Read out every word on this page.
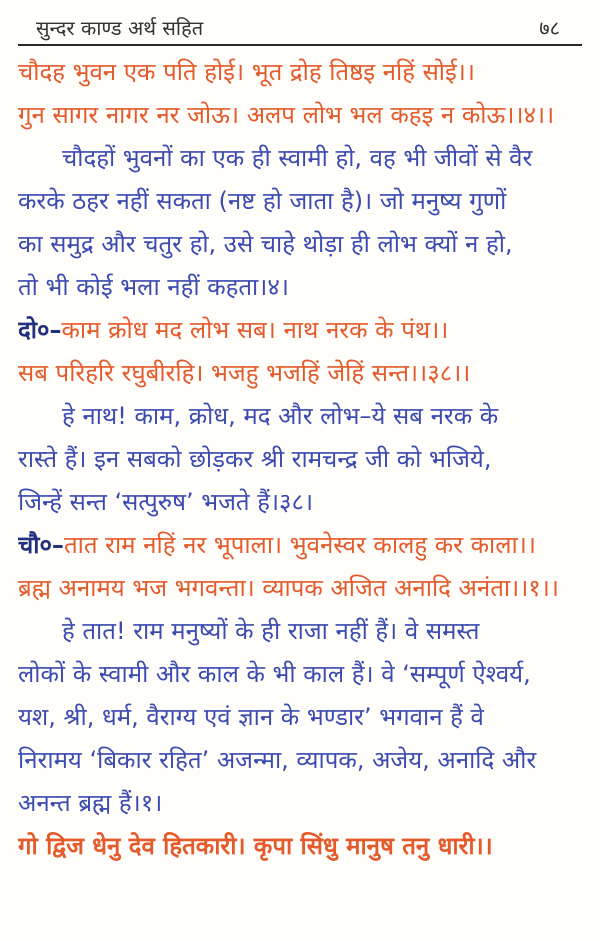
सुन्दर काण्ड अर्थ सहित	७८
चौदह भुवन एक पति होई। भूत द्रोह तिष्ठइ नहिं सोई।।
गुन सागर नागर नर जोऊ। अलप लोभ भल कहइ न कोऊ।।४।।
चौदहों भुवनों का एक ही स्वामी हो, वह भी जीवों से वैर
करके ठहर नहीं सकता (नष्ट हो जाता है)। जो मनुष्य गुणों
का समुद्र और चतुर हो, उसे चाहे थोड़ा ही लोभ क्यों न हो,
तो भी कोई भला नहीं कहता।४।
दो०–काम क्रोध मद लोभ सब। नाथ नरक के पंथ।।
सब परिहरि रघुबीरहि। भजहु भजहिं जेहिं सन्त।।३८।।
हे नाथ! काम, क्रोध, मद और लोभ–ये सब नरक के
रास्ते हैं। इन सबको छोड़कर श्री रामचन्द्र जी को भजिये,
जिन्हें सन्त ‘सत्पुरुष’ भजते हैं।३८।
चौ०–तात राम नहिं नर भूपाला। भुवनेस्वर कालहु कर काला।।
ब्रह्म अनामय भज भगवन्ता। व्यापक अजित अनादि अनंता।।१।।
हे तात! राम मनुष्यों के ही राजा नहीं हैं। वे समस्त
लोकों के स्वामी और काल के भी काल हैं। वे ‘सम्पूर्ण ऐश्वर्य,
यश, श्री, धर्म, वैराग्य एवं ज्ञान के भण्डार’ भगवान हैं वे
निरामय ‘बिकार रहित’ अजन्मा, व्यापक, अजेय, अनादि और
अनन्त ब्रह्म हैं।१।
गो द्विज धेनु देव हितकारी। कृपा सिंधु मानुष तनु धारी।।
